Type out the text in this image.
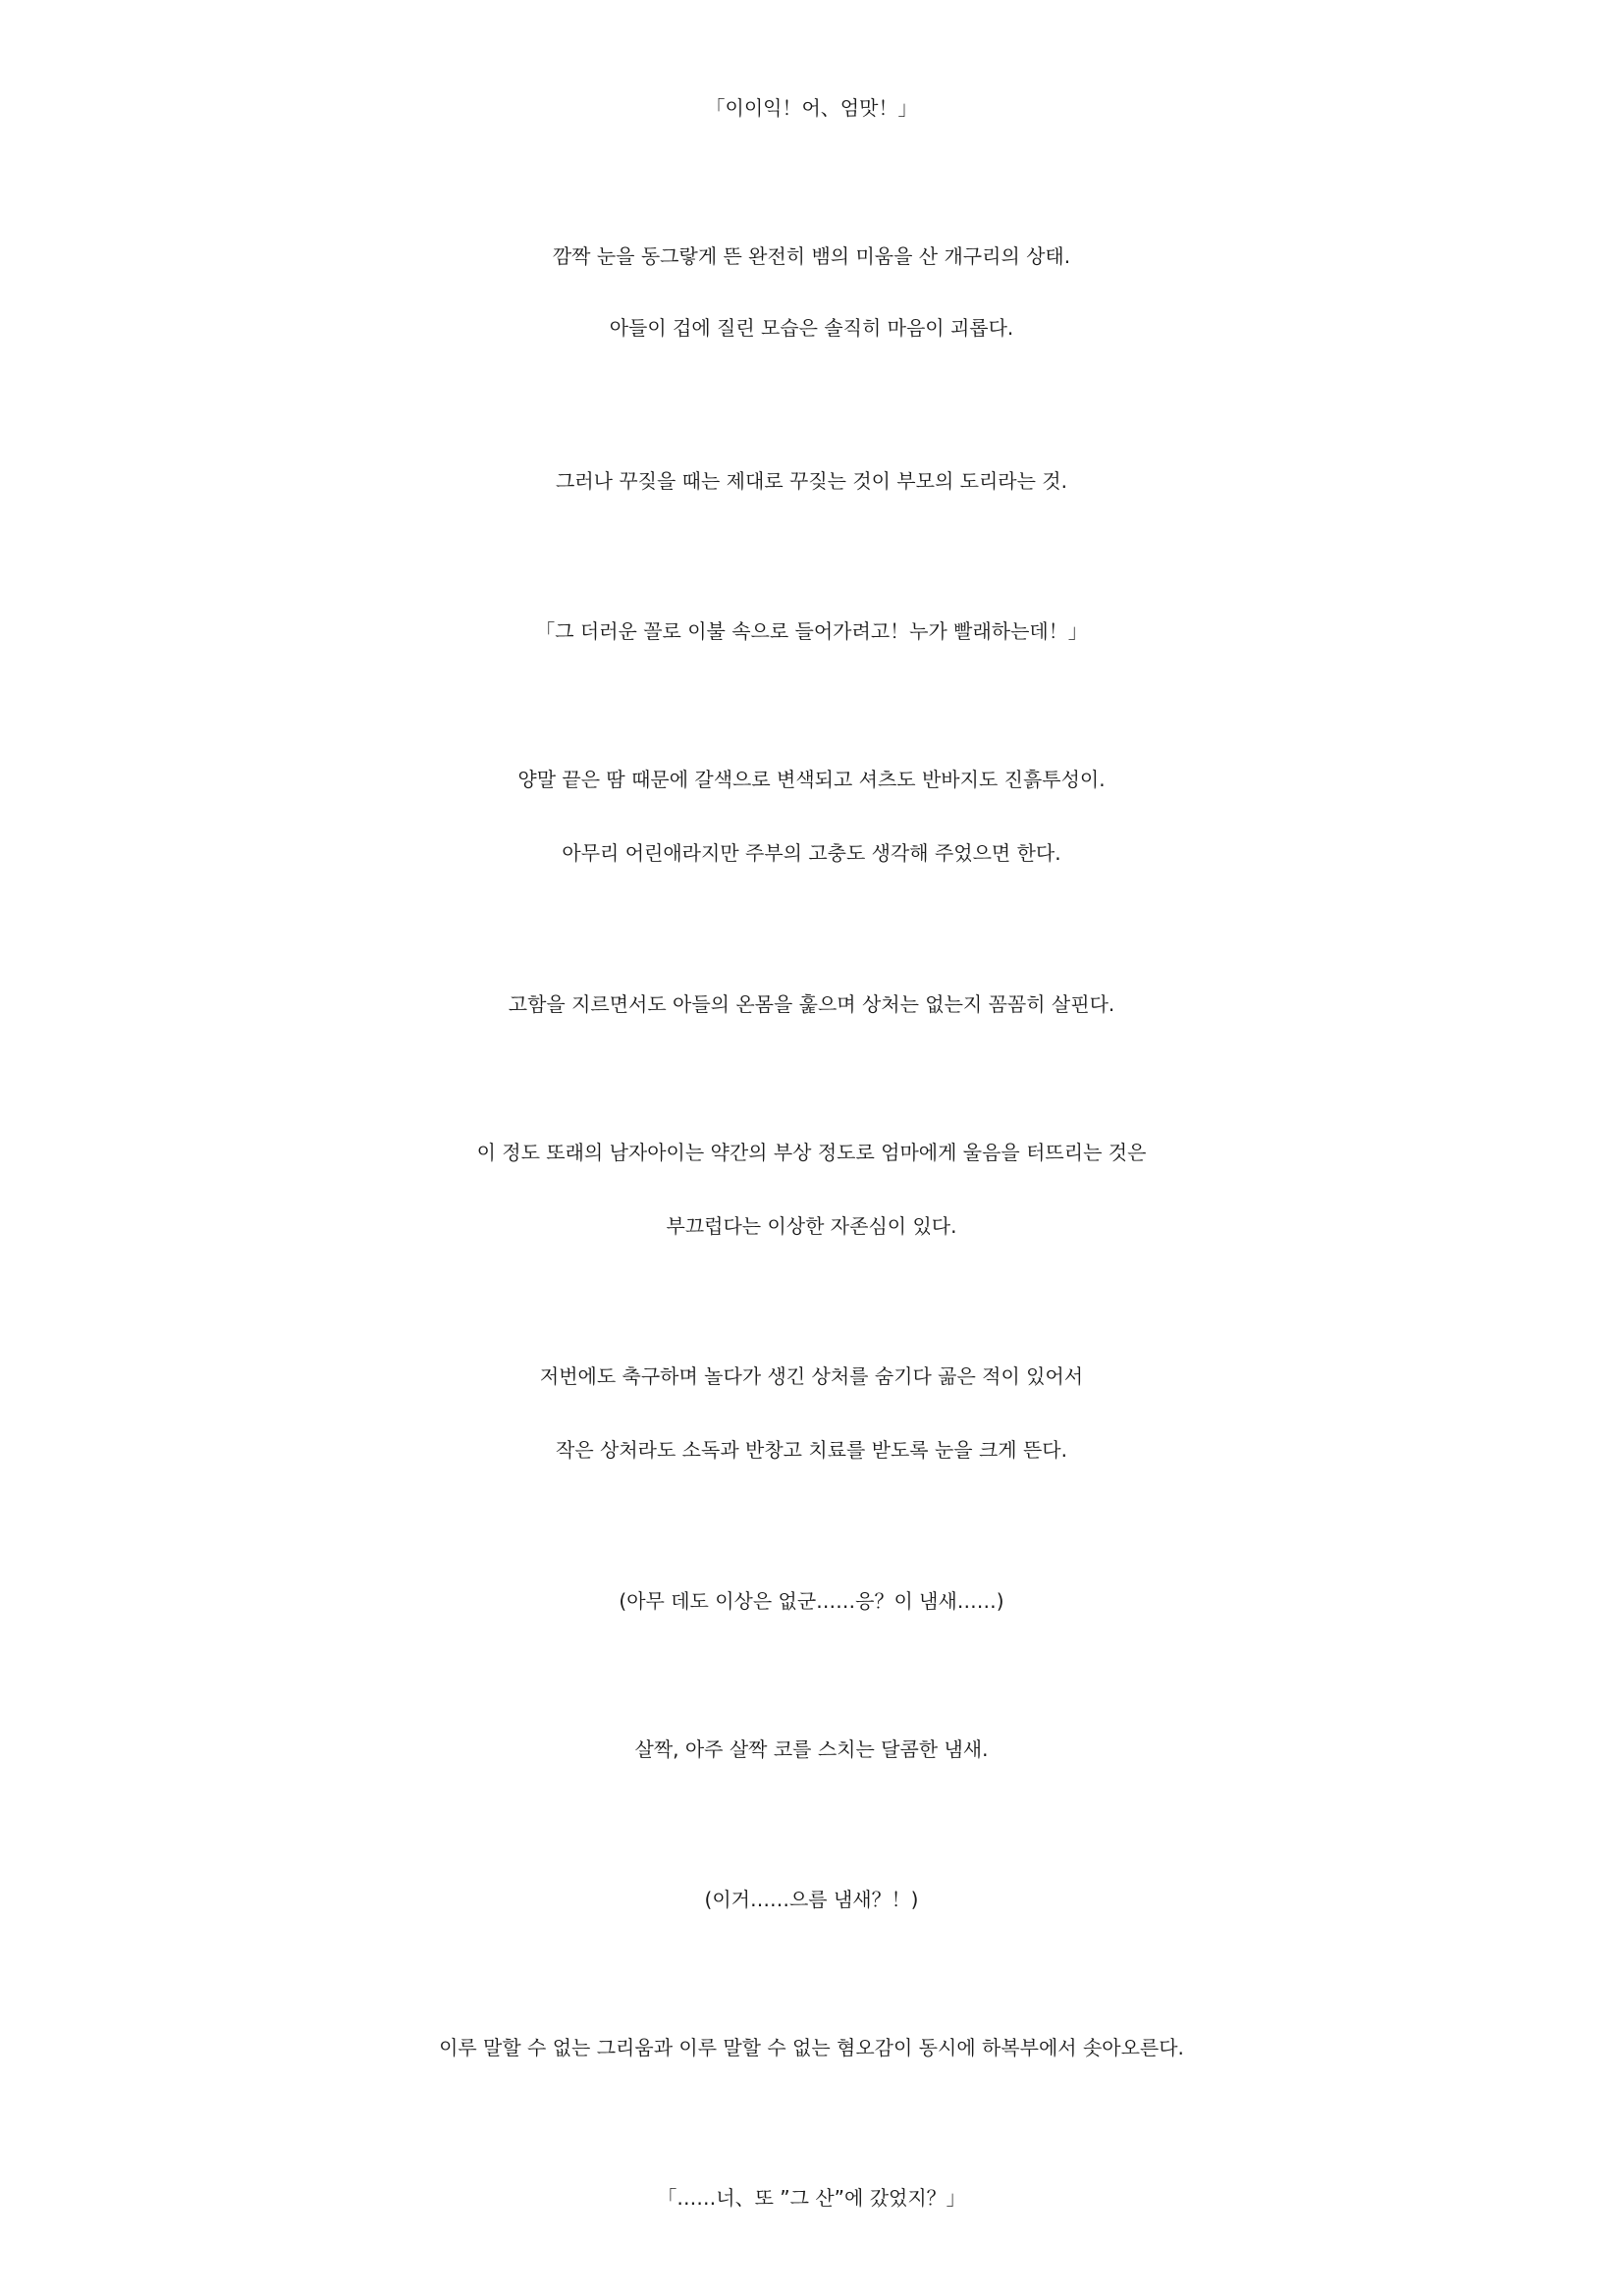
「이이익！어、엄맛！」
깜짝 눈을 동그랗게 뜬 완전히 뱀의 미움을 산 개구리의 상태.
아들이 겁에 질린 모습은 솔직히 마음이 괴롭다.
그러나 꾸짖을 때는 제대로 꾸짖는 것이 부모의 도리라는 것.
「그 더러운 꼴로 이불 속으로 들어가려고！누가 빨래하는데！」
양말 끝은 땀 때문에 갈색으로 변색되고 셔츠도 반바지도 진흙투성이.
아무리 어린애라지만 주부의 고충도 생각해 주었으면 한다.
고함을 지르면서도 아들의 온몸을 훑으며 상처는 없는지 꼼꼼히 살핀다.
이 정도 또래의 남자아이는 약간의 부상 정도로 엄마에게 울음을 터뜨리는 것은
부끄럽다는 이상한 자존심이 있다.
저번에도 축구하며 놀다가 생긴 상처를 숨기다 곪은 적이 있어서
작은 상처라도 소독과 반창고 치료를 받도록 눈을 크게 뜬다.
(아무 데도 이상은 없군……응？이 냄새……)
살짝, 아주 살짝 코를 스치는 달콤한 냄새.
(이거……으름 냄새？！)
이루 말할 수 없는 그리움과 이루 말할 수 없는 혐오감이 동시에 하복부에서 솟아오른다.
「……너、또 ”그 산”에 갔었지？」
